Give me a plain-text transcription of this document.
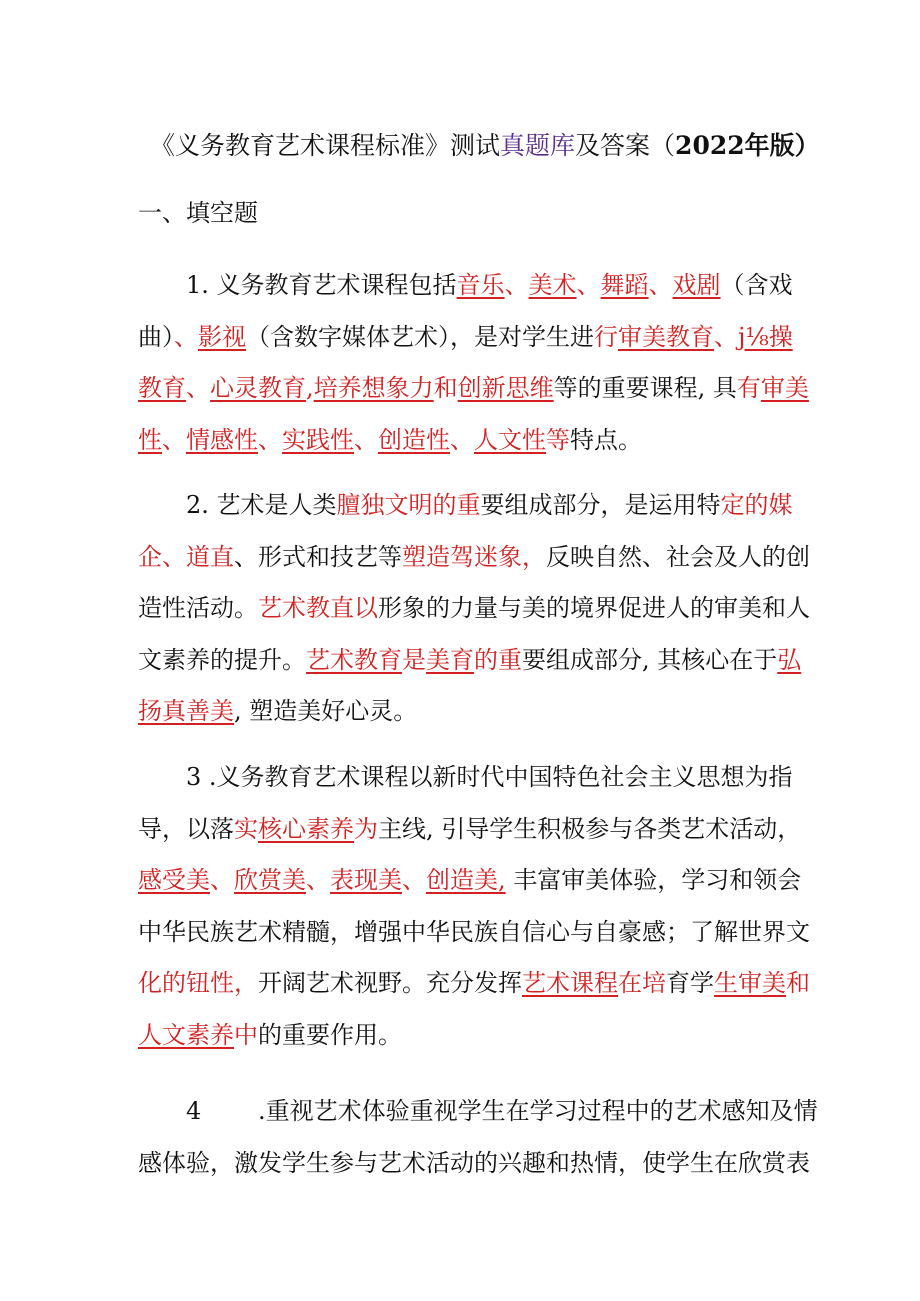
《义务教育艺术课程标准》测试真题库及答案（2022年版）
一、填空题
1. 义务教育艺术课程包括音乐、美术、舞蹈、戏剧（含戏
曲）、影视（含数字媒体艺术），是对学生进行审美教育、j⅛操
教育、心灵教育,培养想象力和创新思维等的重要课程, 具有审美
性、情感性、实践性、创造性、人文性等特点。
2. 艺术是人类膻独文明的重要组成部分，是运用特定的媒
企、道直、形式和技艺等塑造驾迷象，反映自然、社会及人的创
造性活动。艺术教直以形象的力量与美的境界促进人的审美和人
文素养的提升。艺术教育是美育的重要组成部分, 其核心在于弘
扬真善美, 塑造美好心灵。
3 .义务教育艺术课程以新时代中国特色社会主义思想为指
导，以落实核心素养为主线, 引导学生积极参与各类艺术活动，
感受美、欣赏美、表现美、创造美, 丰富审美体验，学习和领会
中华民族艺术精髓，增强中华民族自信心与自豪感；了解世界文
化的钮性，开阔艺术视野。充分发挥艺术课程在培育学生审美和
人文素养中的重要作用。
4 .重视艺术体验重视学生在学习过程中的艺术感知及情
感体验，激发学生参与艺术活动的兴趣和热情，使学生在欣赏表
